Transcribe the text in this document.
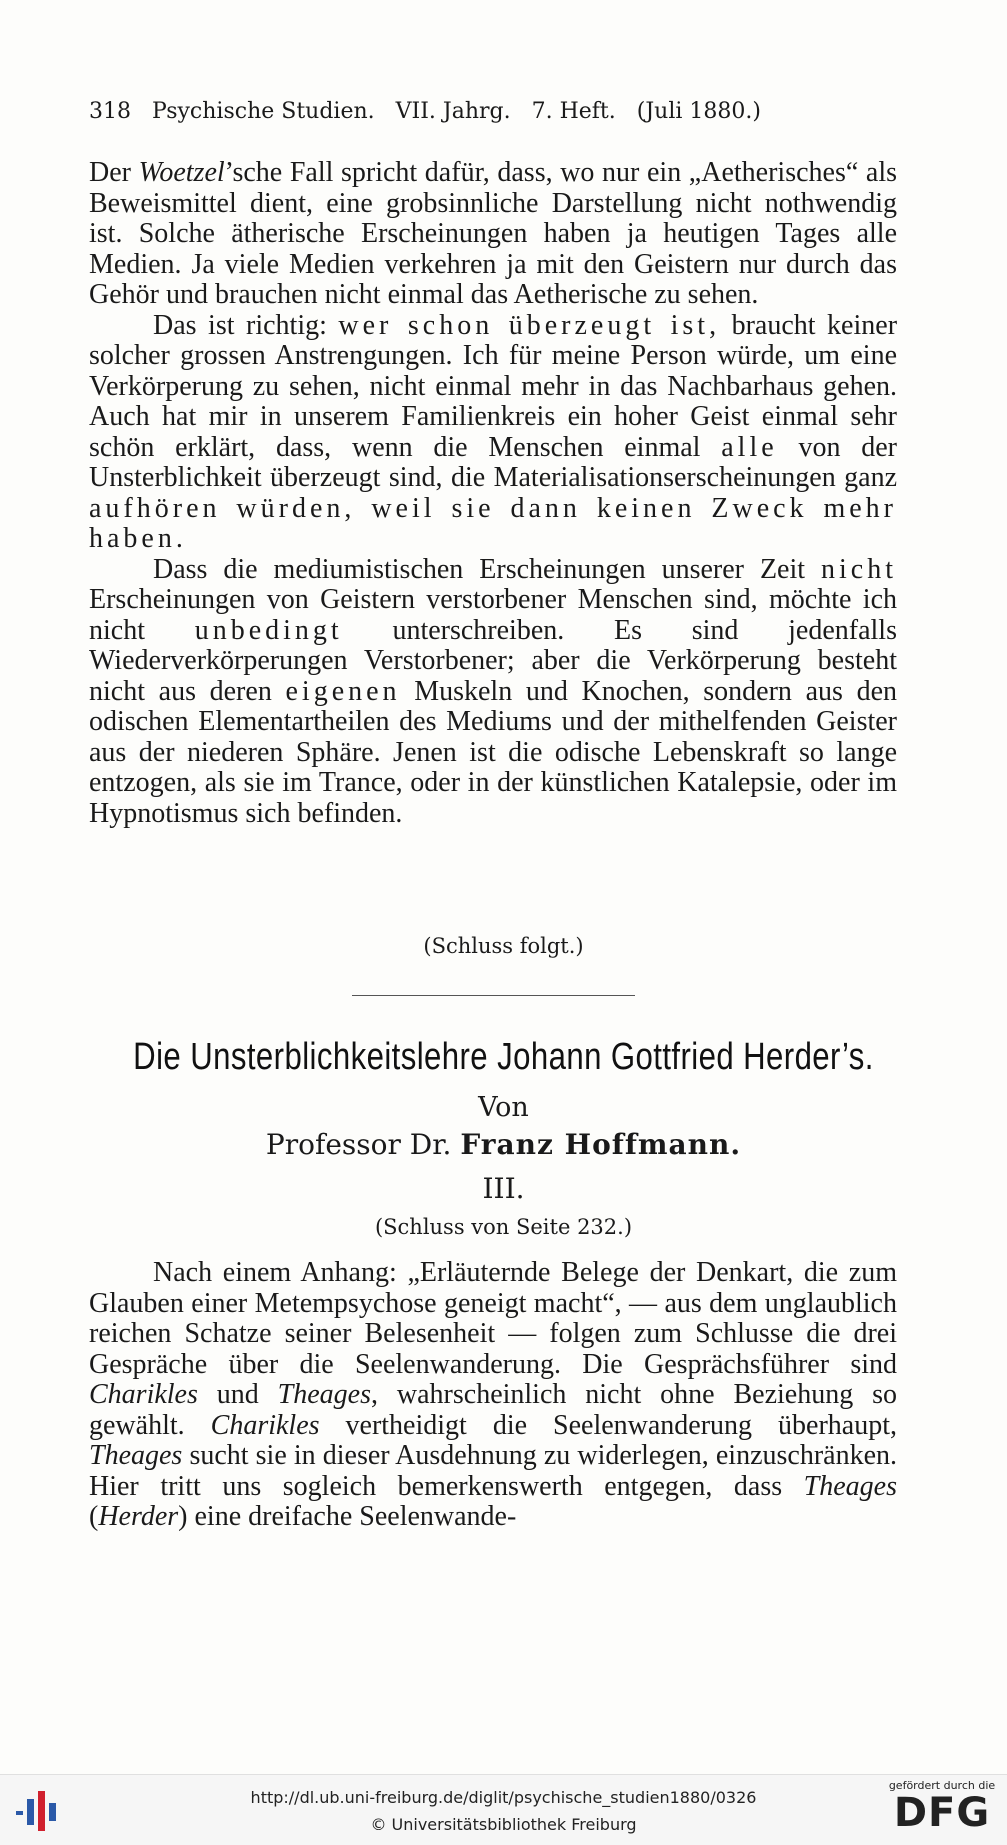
318 Psychische Studien. VII. Jahrg. 7. Heft. (Juli 1880.)

Der Woetzel’sche Fall spricht dafür, dass, wo nur ein „Aetherisches“ als Beweismittel dient, eine grobsinnliche Darstellung nicht nothwendig ist. Solche ätherische Erscheinungen haben ja heutigen Tages alle Medien. Ja viele Medien verkehren ja mit den Geistern nur durch das Gehör und brauchen nicht einmal das Aetherische zu sehen.

Das ist richtig: wer schon überzeugt ist, braucht keiner solcher grossen Anstrengungen. Ich für meine Person würde, um eine Verkörperung zu sehen, nicht einmal mehr in das Nachbarhaus gehen. Auch hat mir in unserem Familienkreis ein hoher Geist einmal sehr schön erklärt, dass, wenn die Menschen einmal alle von der Unsterblichkeit überzeugt sind, die Materialisationserscheinungen ganz aufhören würden, weil sie dann keinen Zweck mehr haben.

Dass die mediumistischen Erscheinungen unserer Zeit nicht Erscheinungen von Geistern verstorbener Menschen sind, möchte ich nicht unbedingt unterschreiben. Es sind jedenfalls Wiederverkörperungen Verstorbener; aber die Verkörperung besteht nicht aus deren eigenen Muskeln und Knochen, sondern aus den odischen Elementartheilen des Mediums und der mithelfenden Geister aus der niederen Sphäre. Jenen ist die odische Lebenskraft so lange entzogen, als sie im Trance, oder in der künstlichen Katalepsie, oder im Hypnotismus sich befinden.

(Schluss folgt.)
Die Unsterblichkeitslehre Johann Gottfried Herder’s.
Von
Professor Dr. Franz Hoffmann.
III.
(Schluss von Seite 232.)

Nach einem Anhang: „Erläuternde Belege der Denkart, die zum Glauben einer Metempsychose geneigt macht“, — aus dem unglaublich reichen Schatze seiner Belesenheit — folgen zum Schlusse die drei Gespräche über die Seelenwanderung. Die Gesprächsführer sind Charikles und Theages, wahrscheinlich nicht ohne Beziehung so gewählt. Charikles vertheidigt die Seelenwanderung überhaupt, Theages sucht sie in dieser Ausdehnung zu widerlegen, einzuschränken. Hier tritt uns sogleich bemerkenswerth entgegen, dass Theages (Herder) eine dreifache Seelenwande-

http://dl.ub.uni-freiburg.de/diglit/psychische_studien1880/0326
© Universitätsbibliothek Freiburg
gefördert durch die
DFG
